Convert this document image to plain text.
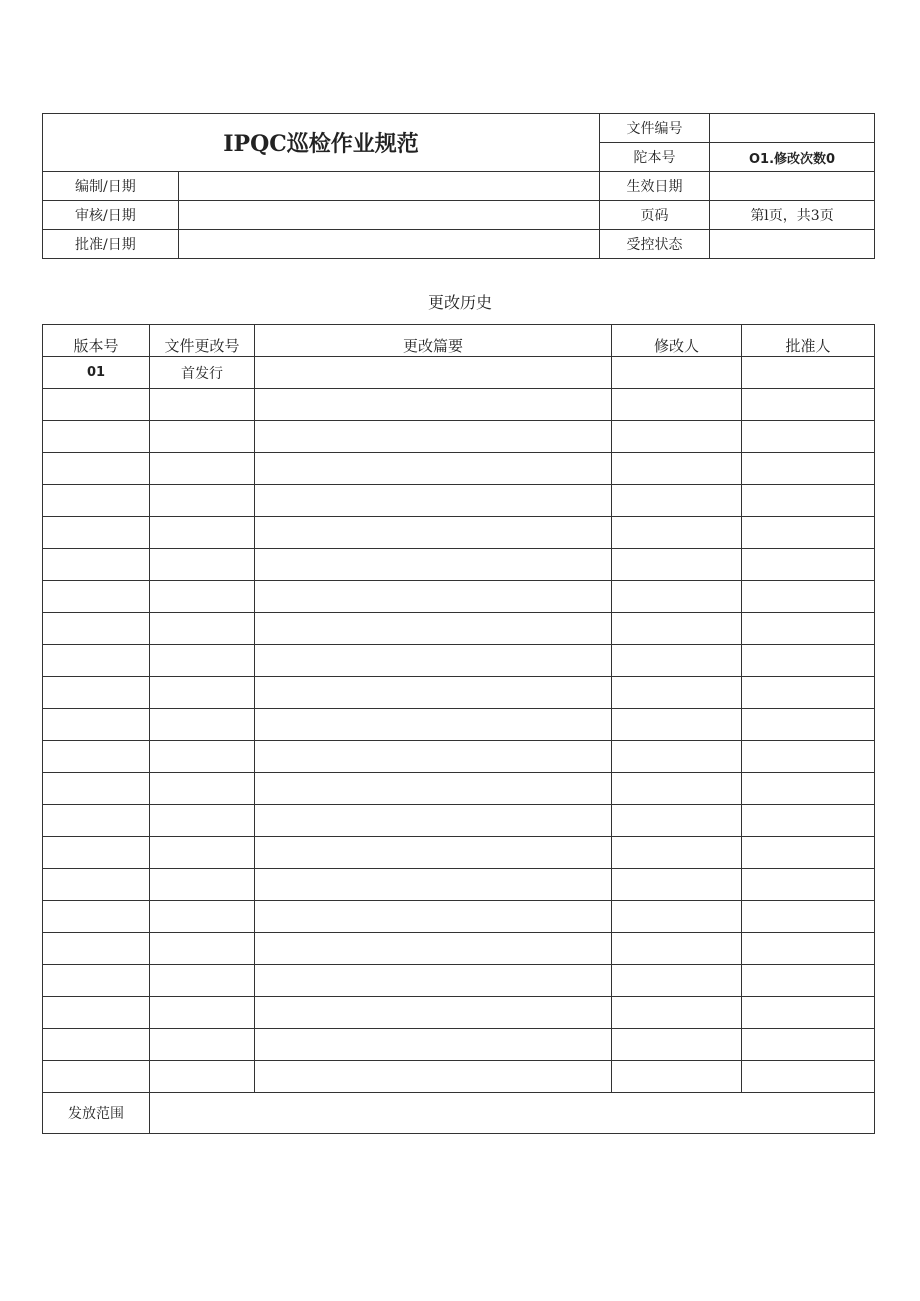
IPQC巡检作业规范		文件编号	
		陀本号	O1.修改次数0
编制/日期		生效日期	
审核/日期		页码	第l页，共3页
批准/日期		受控状态	
更改历史
版本号	文件更改号	更改篇要	修改人	批准人
01	首发行			

发放范围				
